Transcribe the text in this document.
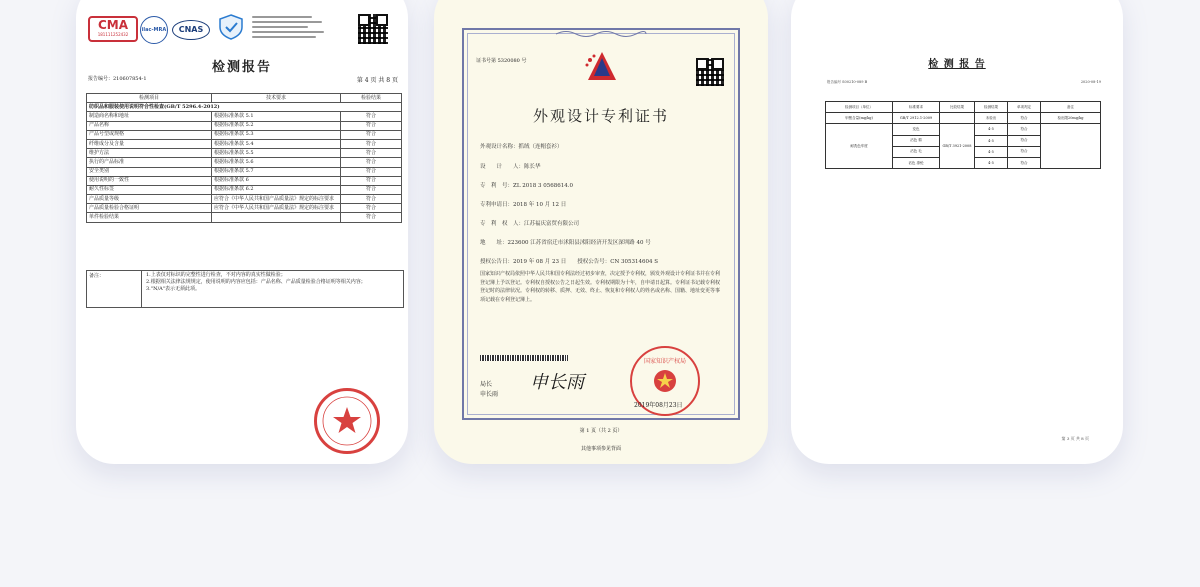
CMA
181111252432
ilac-MRA	CNAS
检测报告
报告编号：210607854-1	第 4 页 共 8 页
检测项目	技术要求	检验结果
纺织品和服装使用说明符合性检查(GB/T 5296.4-2012)		
制造商名称和地址	根据标准条款 5.1	符合
产品名称	根据标准条款 5.2	符合
产品号型或规格	根据标准条款 5.3	符合
纤维成分及含量	根据标准条款 5.4	符合
维护方法	根据标准条款 5.5	符合
执行的产品标准	根据标准条款 5.6	符合
安全类别	根据标准条款 5.7	符合
使用说明的一致性	根据标准条款 6	符合
耐久性标签	根据标准条款 6.2	符合
产品质量等级	应符合《中华人民共和国产品质量法》规定的标注要求	符合
产品质量检验合格证明	应符合《中华人民共和国产品质量法》规定的标注要求	符合
单件检验结果		符合
备注：	1.上表仅对标识的完整性进行检查，不对内容的真实性做检验；
2.根据相关法律法规规定，使用说明的内容应包括：产品名称、产品质量检验合格证明等相关内容；
3."N/A"表示无须此项。
证书号第 5320080 号
外观设计专利证书
外观设计名称：抓绒（连帽套衫）
设　　计　　人：陈长华
专　利　号：ZL 2018 3 0568614.0
专利申请日：2018 年 10 月 12 日
专　利　权　人：江苏福庆富贸有限公司
地　　址：223600 江苏省宿迁市沭阳县沭阳经济开发区深圳路 40 号
授权公告日：2019 年 08 月 23 日　　授权公告号：CN 305314604 S
国家知识产权局依照中华人民共和国专利法经过初步审查，决定授予专利权，颁发外观设计专利证书并在专利登记簿上予以登记。专利权自授权公告之日起生效。专利权期限为十年，自申请日起算。专利证书记载专利权登记时的法律状况。专利权的转移、质押、无效、终止、恢复和专利权人的姓名或名称、国籍、地址变更等事项记载在专利登记簿上。
局长
申长雨
申长雨
国家知识产权局
2019年08月23日
第 1 页（共 2 页）
其他事项参见背面
检 测 报 告
报告编号 S00210-089 B	2020-08-19
检测项目（单位）	标准要求	比较结果	检测结果	单项判定	备注
甲醛含量(mg/kg)	GB/T 2912.1-2009		未检出	符合	检出限20mg/kg
耐洗色牢度	变色	GB/T 3921-2008	4-5	符合	
	沾色 棉		4-5	符合	
	沾色 毛		4-5	符合	
	沾色 涤纶		4-5	符合	
第 3 页 共 8 页
